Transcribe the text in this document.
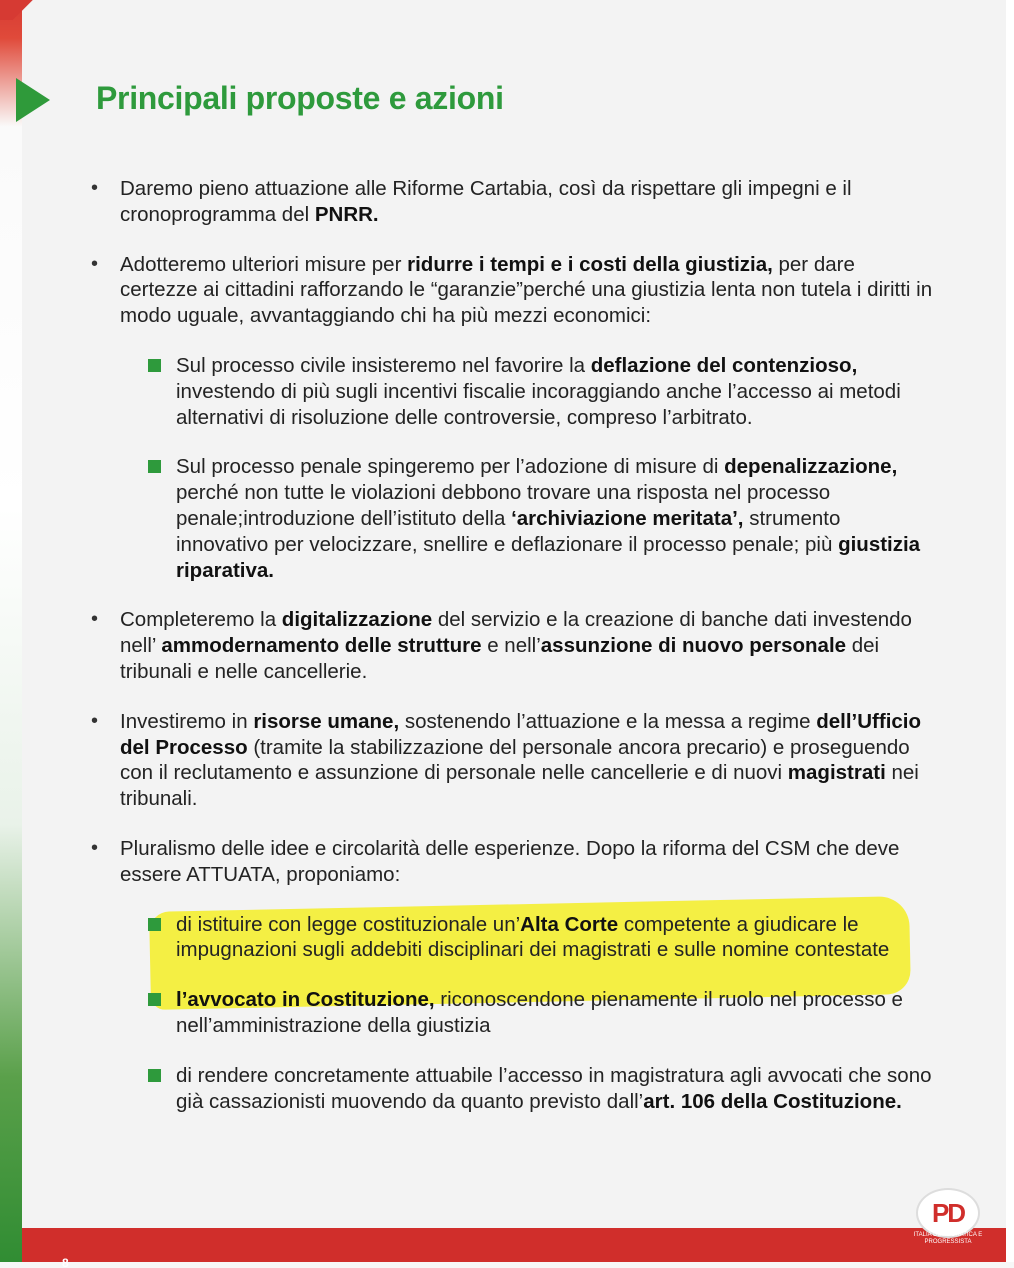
Principali proposte e azioni
• Daremo pieno attuazione alle Riforme Cartabia, così da rispettare gli impegni e il cronoprogramma del PNRR.
• Adotteremo ulteriori misure per ridurre i tempi e i costi della giustizia, per dare certezze ai cittadini rafforzando le “garanzie”perché una giustizia lenta non tutela i diritti in modo uguale, avvantaggiando chi ha più mezzi economici:
Sul processo civile insisteremo nel favorire la deflazione del contenzioso, investendo di più sugli incentivi fiscalie incoraggiando anche l’accesso ai metodi alternativi di risoluzione delle controversie, compreso l’arbitrato.
Sul processo penale spingeremo per l’adozione di misure di depenalizzazione, perché non tutte le violazioni debbono trovare una risposta nel processo penale;introduzione dell’istituto della ‘archiviazione meritata’, strumento innovativo per velocizzare, snellire e deflazionare il processo penale; più giustizia riparativa.
• Completeremo la digitalizzazione del servizio e la creazione di banche dati investendo nell’ ammodernamento delle strutture e nell’assunzione di nuovo personale dei tribunali e nelle cancellerie.
• Investiremo in risorse umane, sostenendo l’attuazione e la messa a regime dell’Ufficio del Processo (tramite la stabilizzazione del personale ancora precario) e proseguendo con il reclutamento e assunzione di personale nelle cancellerie e di nuovi magistrati nei tribunali.
• Pluralismo delle idee e circolarità delle esperienze. Dopo la riforma del CSM che deve essere ATTUATA, proponiamo:
di istituire con legge costituzionale un’Alta Corte competente a giudicare le impugnazioni sugli addebiti disciplinari dei magistrati e sulle nomine contestate
l’avvocato in Costituzione, riconoscendone pienamente il ruolo nel processo e nell’amministrazione della giustizia
di rendere concretamente attuabile l’accesso in magistratura agli avvocati che sono già cassazionisti muovendo da quanto previsto dall’art. 106 della Costituzione.
8
PD
ITALIA DEMOCRATICA E PROGRESSISTA
